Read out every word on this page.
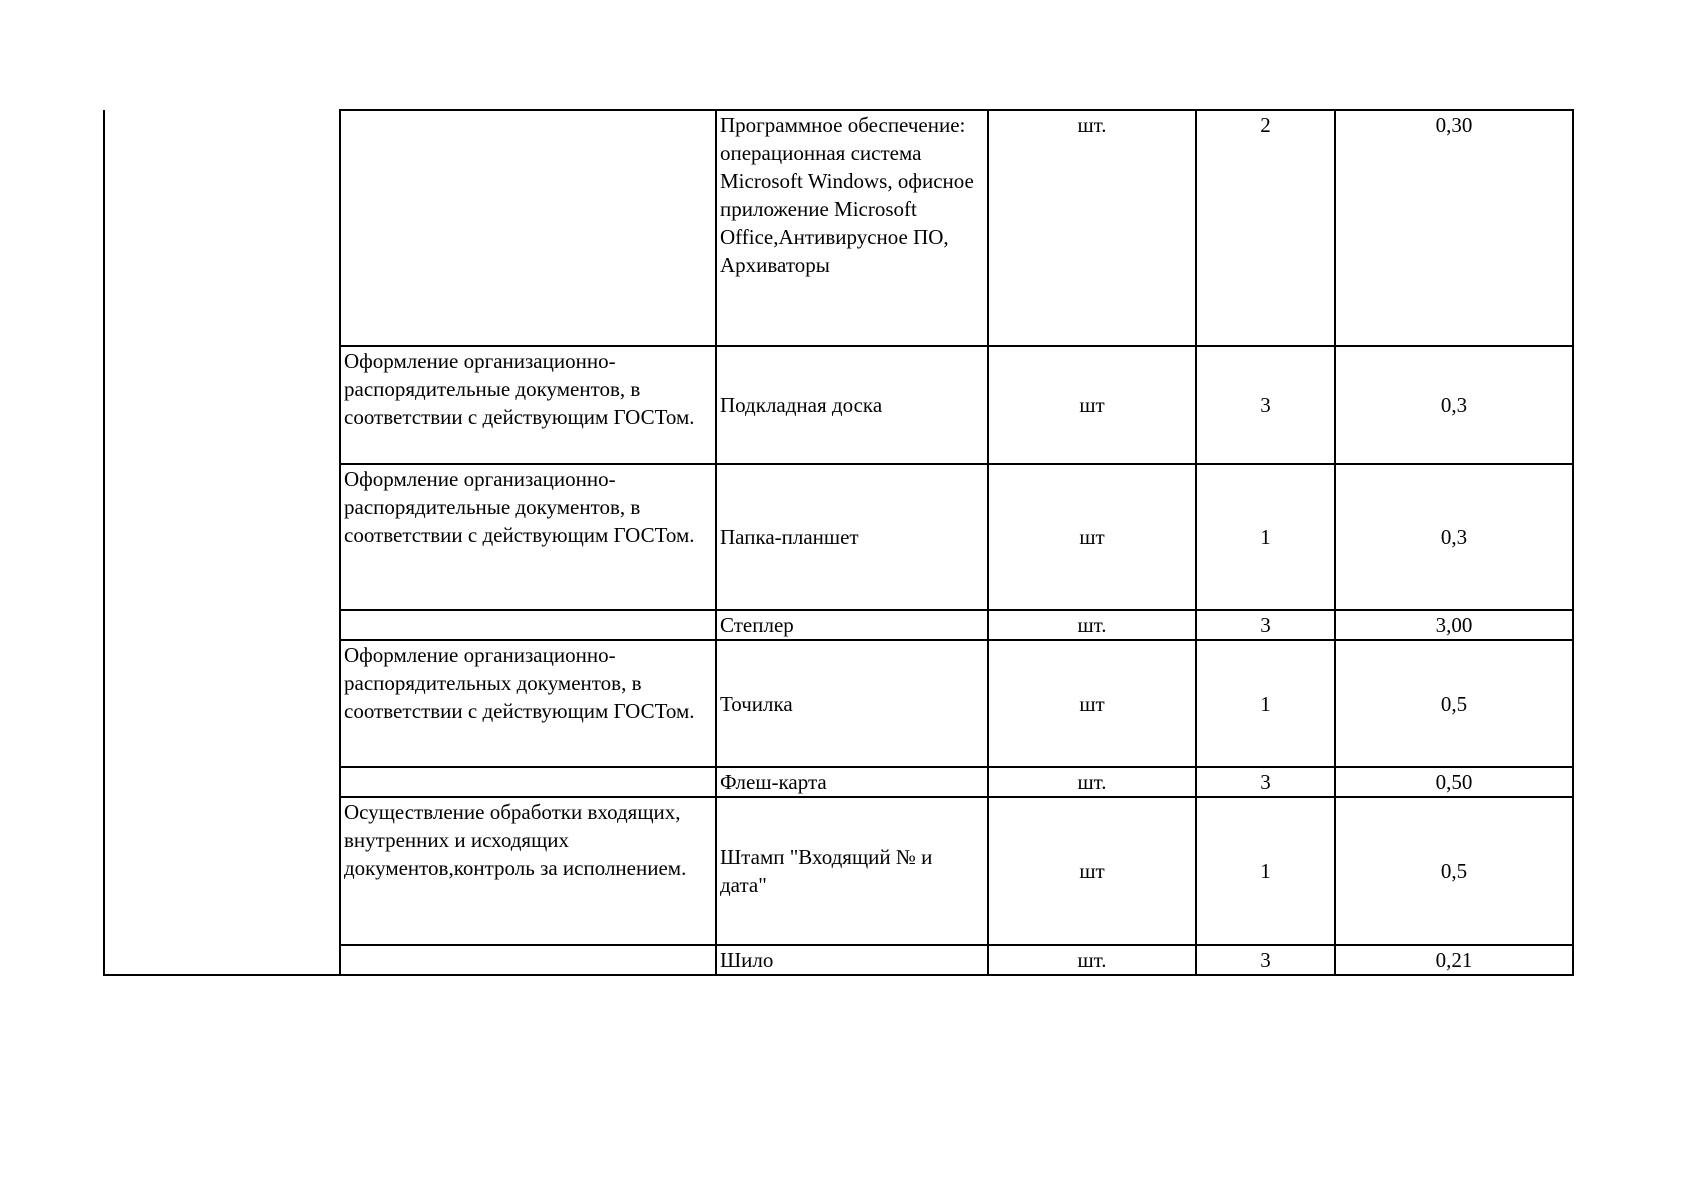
		Программное обеспечение: операционная система Microsoft Windows, офисное приложение Microsoft Office,Антивирусное ПО, Архиваторы	шт.	2	0,30

	Оформление организационно-распорядительные документов, в соответствии с действующим ГОСТом.	Подкладная доска	шт	3	0,3

	Оформление организационно-распорядительные документов, в соответствии с действующим ГОСТом.	Папка-планшет	шт	1	0,3

		Степлер	шт.	3	3,00

	Оформление организационно-распорядительных документов, в соответствии с действующим ГОСТом.	Точилка	шт	1	0,5

		Флеш-карта	шт.	3	0,50

	Осуществление обработки входящих, внутренних и исходящих документов,контроль за исполнением.	Штамп "Входящий № и дата"	шт	1	0,5

		Шило	шт.	3	0,21
